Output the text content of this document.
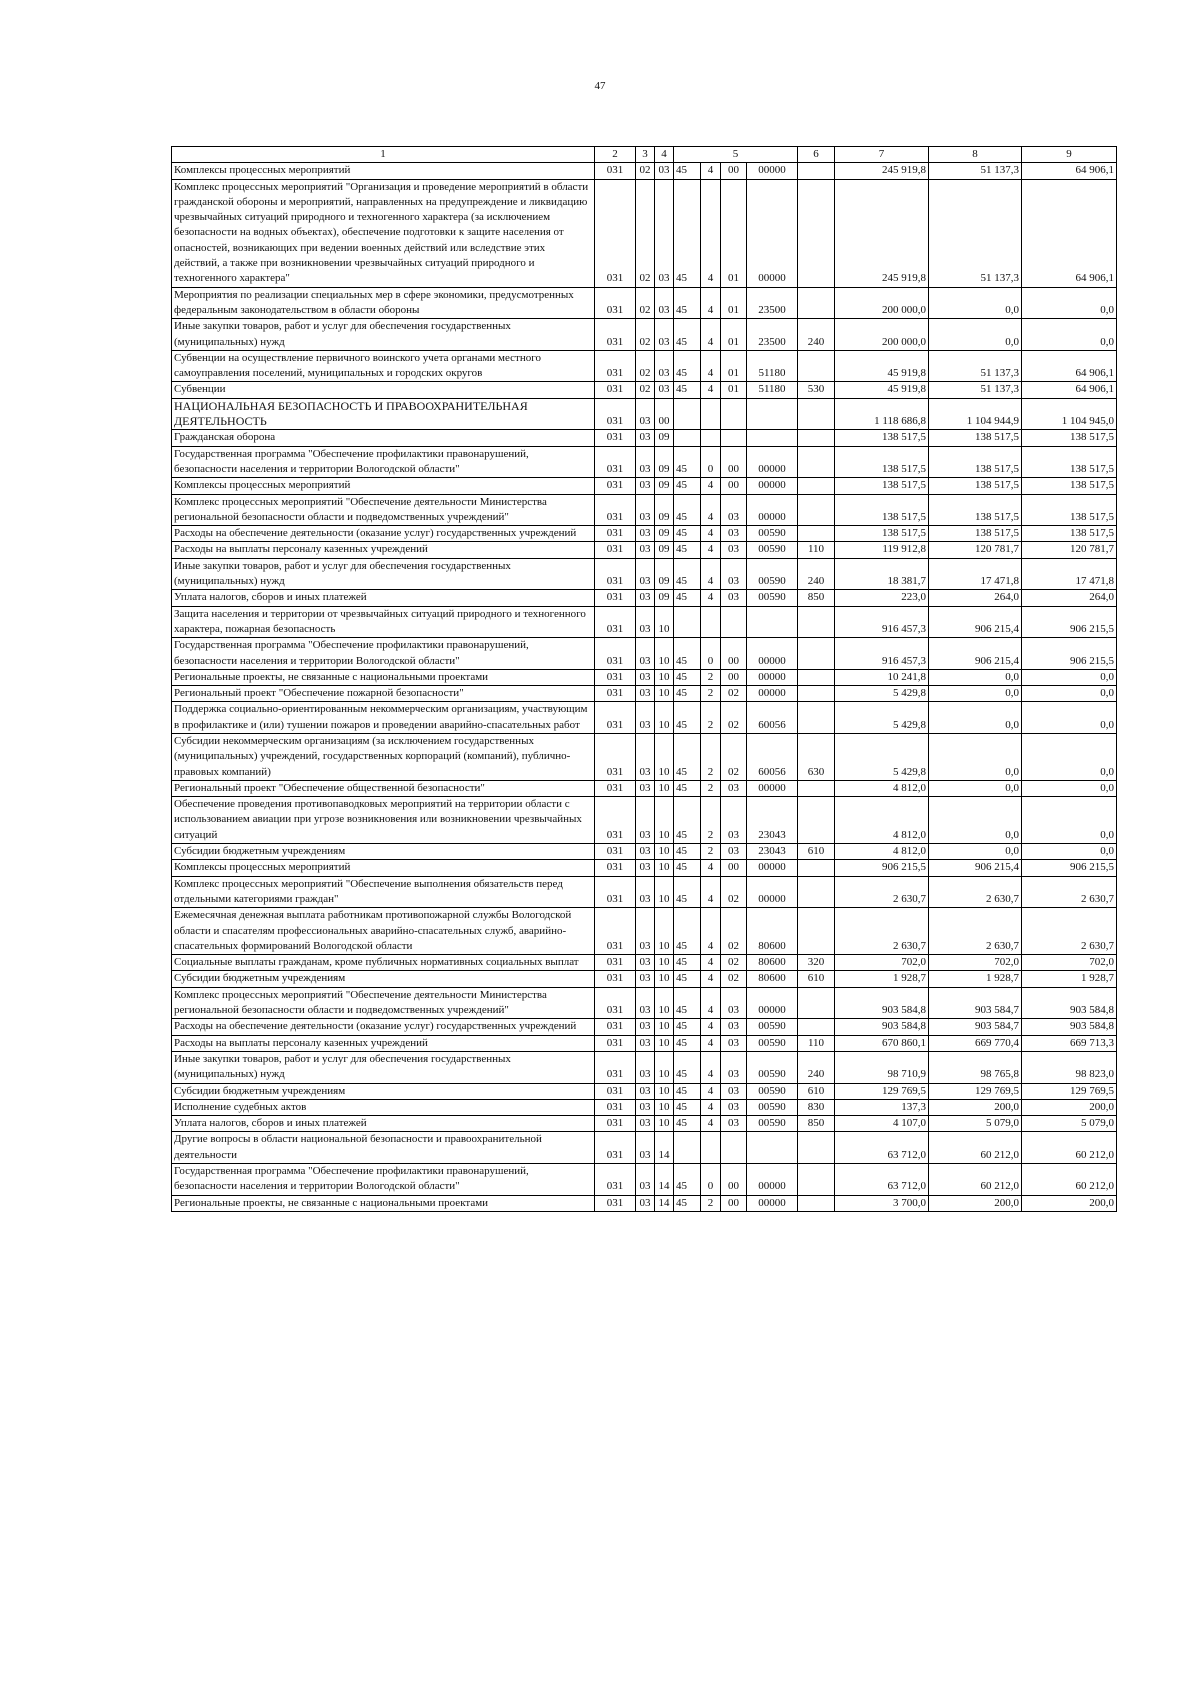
47
1	2	3	4	5				6	7	8	9
Комплексы процессных мероприятий	031	02	03	45	4	00	00000		245 919,8	51 137,3	64 906,1
Комплекс процессных мероприятий "Организация и проведение мероприятий в области гражданской обороны и мероприятий, направленных на предупреждение и ликвидацию чрезвычайных ситуаций природного и техногенного характера (за исключением безопасности на водных объектах), обеспечение подготовки к защите населения от опасностей, возникающих при ведении военных действий или вследствие этих действий, а также при возникновении чрезвычайных ситуаций природного и техногенного характера"	031	02	03	45	4	01	00000		245 919,8	51 137,3	64 906,1
Мероприятия по реализации специальных мер в сфере экономики, предусмотренных федеральным законодательством в области обороны	031	02	03	45	4	01	23500		200 000,0	0,0	0,0
Иные закупки товаров, работ и услуг для обеспечения государственных (муниципальных) нужд	031	02	03	45	4	01	23500	240	200 000,0	0,0	0,0
Субвенции на осуществление первичного воинского учета органами местного самоуправления поселений, муниципальных и городских округов	031	02	03	45	4	01	51180		45 919,8	51 137,3	64 906,1
Субвенции	031	02	03	45	4	01	51180	530	45 919,8	51 137,3	64 906,1
НАЦИОНАЛЬНАЯ БЕЗОПАСНОСТЬ И ПРАВООХРАНИТЕЛЬНАЯ ДЕЯТЕЛЬНОСТЬ	031	03	00						1 118 686,8	1 104 944,9	1 104 945,0
Гражданская оборона	031	03	09						138 517,5	138 517,5	138 517,5
Государственная программа "Обеспечение профилактики правонарушений, безопасности населения и территории Вологодской области"	031	03	09	45	0	00	00000		138 517,5	138 517,5	138 517,5
Комплексы процессных мероприятий	031	03	09	45	4	00	00000		138 517,5	138 517,5	138 517,5
Комплекс процессных мероприятий "Обеспечение деятельности Министерства региональной безопасности области и подведомственных учреждений"	031	03	09	45	4	03	00000		138 517,5	138 517,5	138 517,5
Расходы на обеспечение деятельности (оказание услуг) государственных учреждений	031	03	09	45	4	03	00590		138 517,5	138 517,5	138 517,5
Расходы на выплаты персоналу казенных учреждений	031	03	09	45	4	03	00590	110	119 912,8	120 781,7	120 781,7
Иные закупки товаров, работ и услуг для обеспечения государственных (муниципальных) нужд	031	03	09	45	4	03	00590	240	18 381,7	17 471,8	17 471,8
Уплата налогов, сборов и иных платежей	031	03	09	45	4	03	00590	850	223,0	264,0	264,0
Защита населения и территории от чрезвычайных ситуаций природного и техногенного характера, пожарная безопасность	031	03	10						916 457,3	906 215,4	906 215,5
Государственная программа "Обеспечение профилактики правонарушений, безопасности населения и территории Вологодской области"	031	03	10	45	0	00	00000		916 457,3	906 215,4	906 215,5
Региональные проекты, не связанные с национальными проектами	031	03	10	45	2	00	00000		10 241,8	0,0	0,0
Региональный проект "Обеспечение пожарной безопасности"	031	03	10	45	2	02	00000		5 429,8	0,0	0,0
Поддержка социально-ориентированным некоммерческим организациям, участвующим в профилактике и (или) тушении пожаров и проведении аварийно-спасательных работ	031	03	10	45	2	02	60056		5 429,8	0,0	0,0
Субсидии некоммерческим организациям (за исключением государственных (муниципальных) учреждений, государственных корпораций (компаний), публично-правовых компаний)	031	03	10	45	2	02	60056	630	5 429,8	0,0	0,0
Региональный проект "Обеспечение общественной безопасности"	031	03	10	45	2	03	00000		4 812,0	0,0	0,0
Обеспечение проведения противопаводковых мероприятий на территории области с использованием авиации при угрозе возникновения или возникновении чрезвычайных ситуаций	031	03	10	45	2	03	23043		4 812,0	0,0	0,0
Субсидии бюджетным учреждениям	031	03	10	45	2	03	23043	610	4 812,0	0,0	0,0
Комплексы процессных мероприятий	031	03	10	45	4	00	00000		906 215,5	906 215,4	906 215,5
Комплекс процессных мероприятий "Обеспечение выполнения обязательств перед отдельными категориями граждан"	031	03	10	45	4	02	00000		2 630,7	2 630,7	2 630,7
Ежемесячная денежная выплата работникам противопожарной службы Вологодской области и спасателям профессиональных аварийно-спасательных служб, аварийно-спасательных формирований Вологодской области	031	03	10	45	4	02	80600		2 630,7	2 630,7	2 630,7
Социальные выплаты гражданам, кроме публичных нормативных социальных выплат	031	03	10	45	4	02	80600	320	702,0	702,0	702,0
Субсидии бюджетным учреждениям	031	03	10	45	4	02	80600	610	1 928,7	1 928,7	1 928,7
Комплекс процессных мероприятий "Обеспечение деятельности Министерства региональной безопасности области и подведомственных учреждений"	031	03	10	45	4	03	00000		903 584,8	903 584,7	903 584,8
Расходы на обеспечение деятельности (оказание услуг) государственных учреждений	031	03	10	45	4	03	00590		903 584,8	903 584,7	903 584,8
Расходы на выплаты персоналу казенных учреждений	031	03	10	45	4	03	00590	110	670 860,1	669 770,4	669 713,3
Иные закупки товаров, работ и услуг для обеспечения государственных (муниципальных) нужд	031	03	10	45	4	03	00590	240	98 710,9	98 765,8	98 823,0
Субсидии бюджетным учреждениям	031	03	10	45	4	03	00590	610	129 769,5	129 769,5	129 769,5
Исполнение судебных актов	031	03	10	45	4	03	00590	830	137,3	200,0	200,0
Уплата налогов, сборов и иных платежей	031	03	10	45	4	03	00590	850	4 107,0	5 079,0	5 079,0
Другие вопросы в области национальной безопасности и правоохранительной деятельности	031	03	14						63 712,0	60 212,0	60 212,0
Государственная программа "Обеспечение профилактики правонарушений, безопасности населения и территории Вологодской области"	031	03	14	45	0	00	00000		63 712,0	60 212,0	60 212,0
Региональные проекты, не связанные с национальными проектами	031	03	14	45	2	00	00000		3 700,0	200,0	200,0
